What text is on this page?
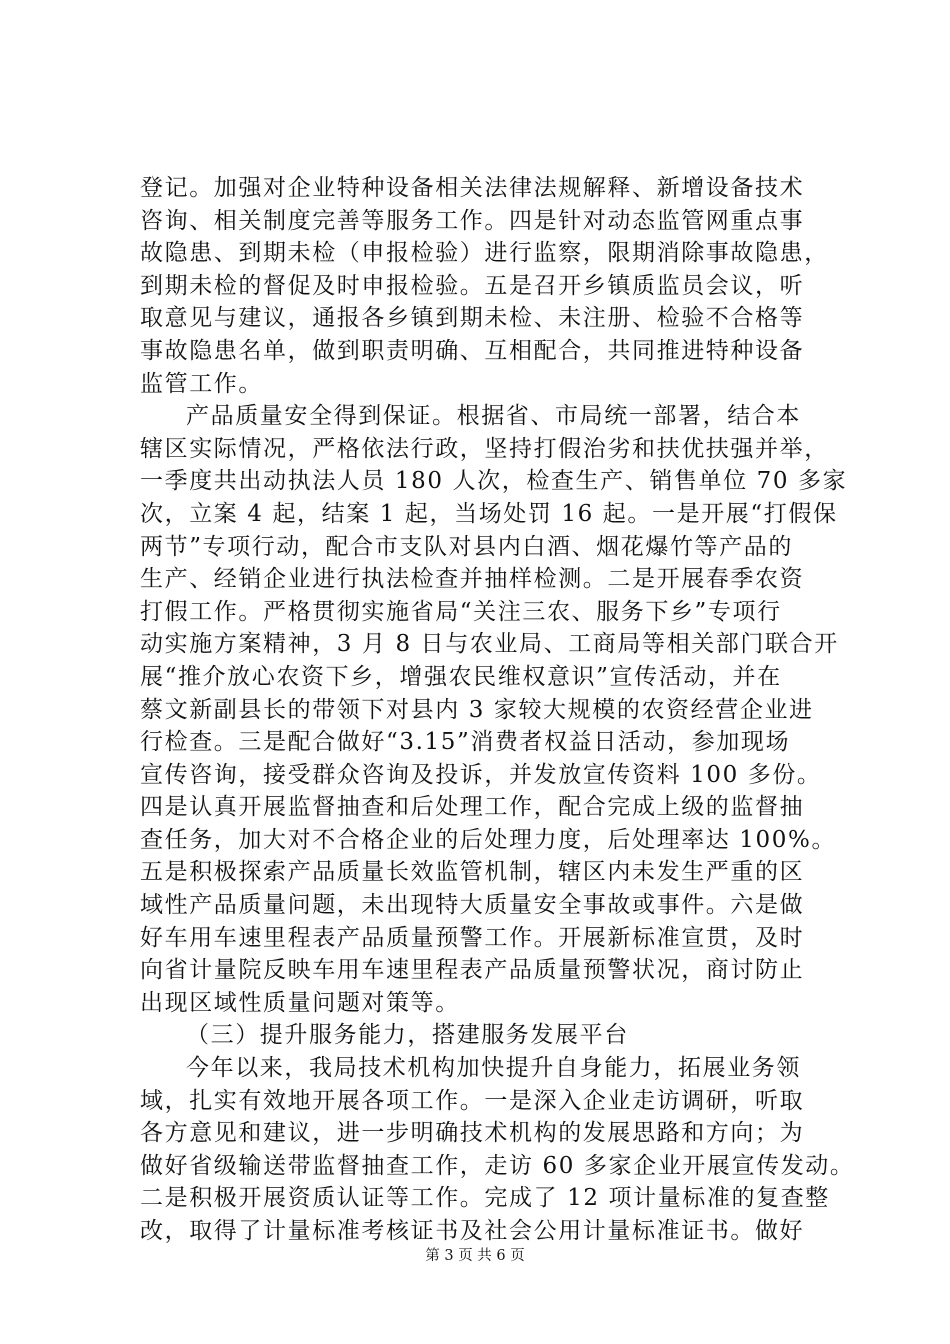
登记。加强对企业特种设备相关法律法规解释、新增设备技术
咨询、相关制度完善等服务工作。四是针对动态监管网重点事
故隐患、到期未检（申报检验）进行监察，限期消除事故隐患，
到期未检的督促及时申报检验。五是召开乡镇质监员会议，听
取意见与建议，通报各乡镇到期未检、未注册、检验不合格等
事故隐患名单，做到职责明确、互相配合，共同推进特种设备
监管工作。
产品质量安全得到保证。根据省、市局统一部署，结合本
辖区实际情况，严格依法行政，坚持打假治劣和扶优扶强并举，
一季度共出动执法人员 180 人次，检查生产、销售单位 70 多家
次，立案 4 起，结案 1 起，当场处罚 16 起。一是开展“打假保
两节”专项行动，配合市支队对县内白酒、烟花爆竹等产品的
生产、经销企业进行执法检查并抽样检测。二是开展春季农资
打假工作。严格贯彻实施省局“关注三农、服务下乡”专项行
动实施方案精神，3 月 8 日与农业局、工商局等相关部门联合开
展“推介放心农资下乡，增强农民维权意识”宣传活动，并在
蔡文新副县长的带领下对县内 3 家较大规模的农资经营企业进
行检查。三是配合做好“3.15”消费者权益日活动，参加现场
宣传咨询，接受群众咨询及投诉，并发放宣传资料 100 多份。
四是认真开展监督抽查和后处理工作，配合完成上级的监督抽
查任务，加大对不合格企业的后处理力度，后处理率达 100%。
五是积极探索产品质量长效监管机制，辖区内未发生严重的区
域性产品质量问题，未出现特大质量安全事故或事件。六是做
好车用车速里程表产品质量预警工作。开展新标准宣贯，及时
向省计量院反映车用车速里程表产品质量预警状况，商讨防止
出现区域性质量问题对策等。
（三）提升服务能力，搭建服务发展平台
今年以来，我局技术机构加快提升自身能力，拓展业务领
域，扎实有效地开展各项工作。一是深入企业走访调研，听取
各方意见和建议，进一步明确技术机构的发展思路和方向；为
做好省级输送带监督抽查工作，走访 60 多家企业开展宣传发动。
二是积极开展资质认证等工作。完成了 12 项计量标准的复查整
改，取得了计量标准考核证书及社会公用计量标准证书。做好
第 3 页 共 6 页
